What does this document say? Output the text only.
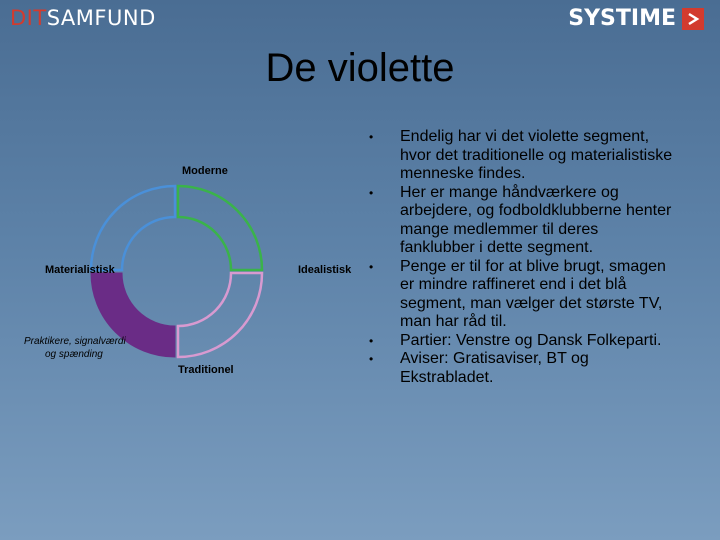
DITSAMFUND	SYSTIME
De violette
Moderne
Materialistisk	Idealistisk
Traditionel
Praktikere, signalværdi
og spænding
• Endelig har vi det violette segment, hvor det traditionelle og materialistiske menneske findes.
• Her er mange håndværkere og arbejdere, og fodboldklubberne henter mange medlemmer til deres fanklubber i dette segment.
• Penge er til for at blive brugt, smagen er mindre raffineret end i det blå segment, man vælger det største TV, man har råd til.
• Partier: Venstre og Dansk Folkeparti.
• Aviser: Gratisaviser, BT og Ekstrabladet.
